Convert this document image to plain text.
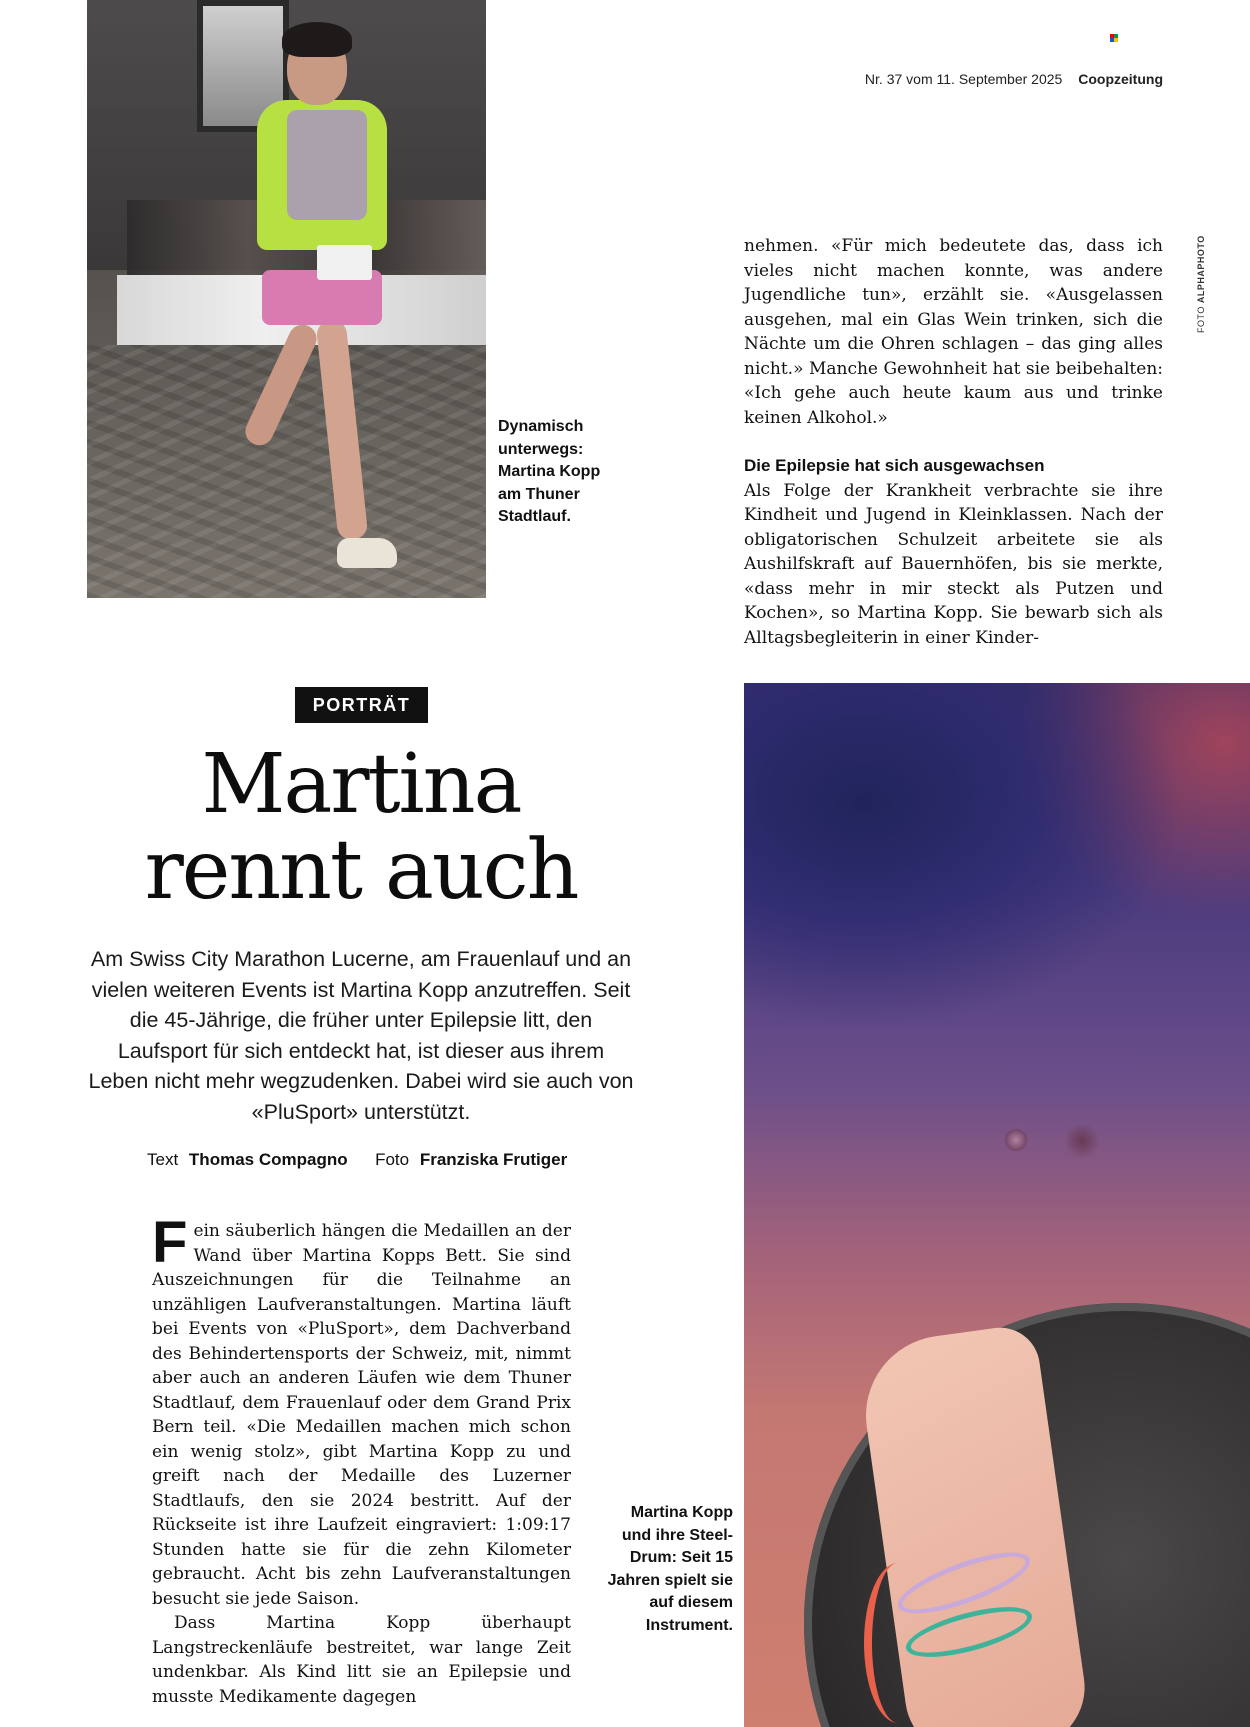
Dynamisch unterwegs: Martina Kopp am Thuner Stadtlauf.
Nr. 37 vom 11. September 2025 Coopzeitung
FOTO ALPHAPHOTO

nehmen. «Für mich bedeutete das, dass ich vieles nicht machen konnte, was andere Jugendliche tun», erzählt sie. «Ausgelassen ausgehen, mal ein Glas Wein trinken, sich die Nächte um die Ohren schlagen – das ging alles nicht.» Manche Gewohnheit hat sie beibehalten: «Ich gehe auch heute kaum aus und trinke keinen Alkohol.»

Die Epilepsie hat sich ausgewachsen

Als Folge der Krankheit verbrachte sie ihre Kindheit und Jugend in Kleinklassen. Nach der obligatorischen Schulzeit arbeitete sie als Aushilfskraft auf Bauernhöfen, bis sie merkte, «dass mehr in mir steckt als Putzen und Kochen», so Martina Kopp. Sie bewarb sich als Alltagsbegleiterin in einer Kinder-

PORTRÄT
Martina
rennt auch
Am Swiss City Marathon Lucerne, am Frauenlauf und an vielen weiteren Events ist Martina Kopp anzutreffen. Seit die 45-Jährige, die früher unter Epilepsie litt, den Laufsport für sich entdeckt hat, ist dieser aus ihrem Leben nicht mehr wegzudenken. Dabei wird sie auch von «PluSport» unterstützt.
Text Thomas Compagno Foto Franziska Frutiger

Fein säuberlich hängen die Medaillen an der Wand über Martina Kopps Bett. Sie sind Auszeichnungen für die Teilnahme an unzähligen Laufveranstaltungen. Martina läuft bei Events von «PluSport», dem Dachverband des Behindertensports der Schweiz, mit, nimmt aber auch an anderen Läufen wie dem Thuner Stadtlauf, dem Frauenlauf oder dem Grand Prix Bern teil. «Die Medaillen machen mich schon ein wenig stolz», gibt Martina Kopp zu und greift nach der Medaille des Luzerner Stadtlaufs, den sie 2024 bestritt. Auf der Rückseite ist ihre Laufzeit eingraviert: 1:09:17 Stunden hatte sie für die zehn Kilometer gebraucht. Acht bis zehn Laufveranstaltungen besucht sie jede Saison.

Dass Martina Kopp überhaupt Langstreckenläufe bestreitet, war lange Zeit undenkbar. Als Kind litt sie an Epilepsie und musste Medikamente dagegen

Martina Kopp und ihre Steel-Drum: Seit 15 Jahren spielt sie auf diesem Instrument.
